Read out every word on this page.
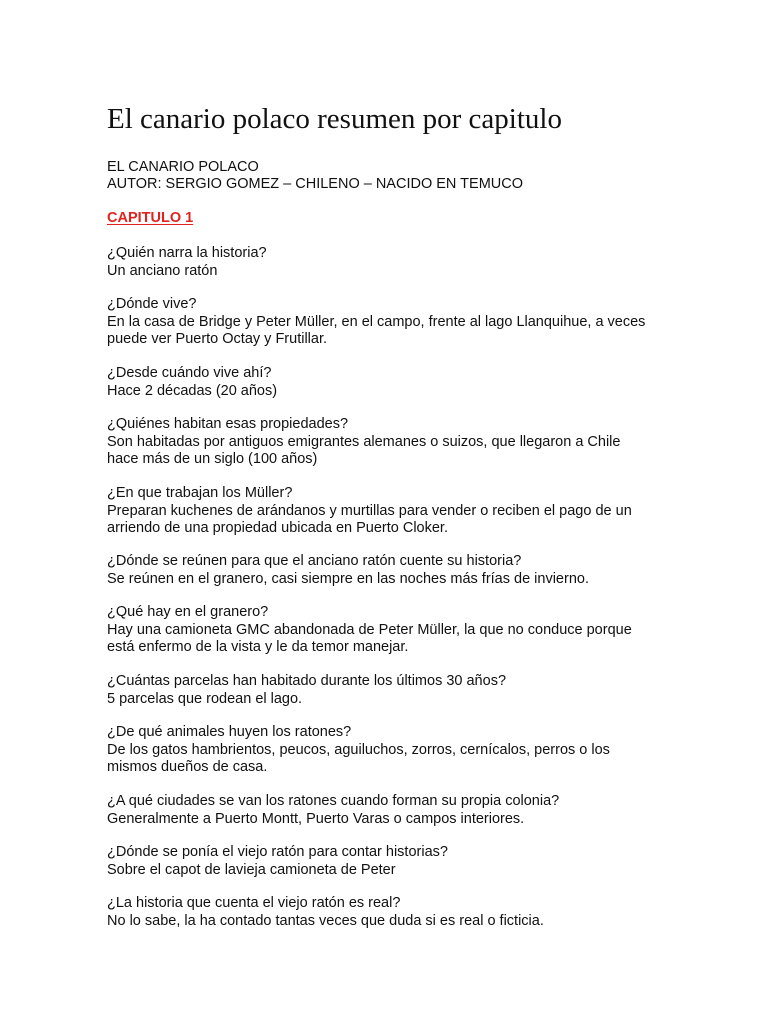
El canario polaco resumen por capitulo
EL CANARIO POLACO
AUTOR: SERGIO GOMEZ – CHILENO – NACIDO EN TEMUCO
CAPITULO 1

¿Quién narra la historia?

Un anciano ratón

¿Dónde vive?

En la casa de Bridge y Peter Müller, en el campo, frente al lago Llanquihue, a veces puede ver Puerto Octay y Frutillar.

¿Desde cuándo vive ahí?

Hace 2 décadas (20 años)

¿Quiénes habitan esas propiedades?

Son habitadas por antiguos emigrantes alemanes o suizos, que llegaron a Chile hace más de un siglo (100 años)

¿En que trabajan los Müller?

Preparan kuchenes de arándanos y murtillas para vender o reciben el pago de un arriendo de una propiedad ubicada en Puerto Cloker.

¿Dónde se reúnen para que el anciano ratón cuente su historia?

Se reúnen en el granero, casi siempre en las noches más frías de invierno.

¿Qué hay en el granero?

Hay una camioneta GMC abandonada de Peter Müller, la que no conduce porque está enfermo de la vista y le da temor manejar.

¿Cuántas parcelas han habitado durante los últimos 30 años?

5 parcelas que rodean el lago.

¿De qué animales huyen los ratones?

De los gatos hambrientos, peucos, aguiluchos, zorros, cernícalos, perros o los mismos dueños de casa.

¿A qué ciudades se van los ratones cuando forman su propia colonia?

Generalmente a Puerto Montt, Puerto Varas o campos interiores.

¿Dónde se ponía el viejo ratón para contar historias?

Sobre el capot de lavieja camioneta de Peter

¿La historia que cuenta el viejo ratón es real?

No lo sabe, la ha contado tantas veces que duda si es real o ficticia.
